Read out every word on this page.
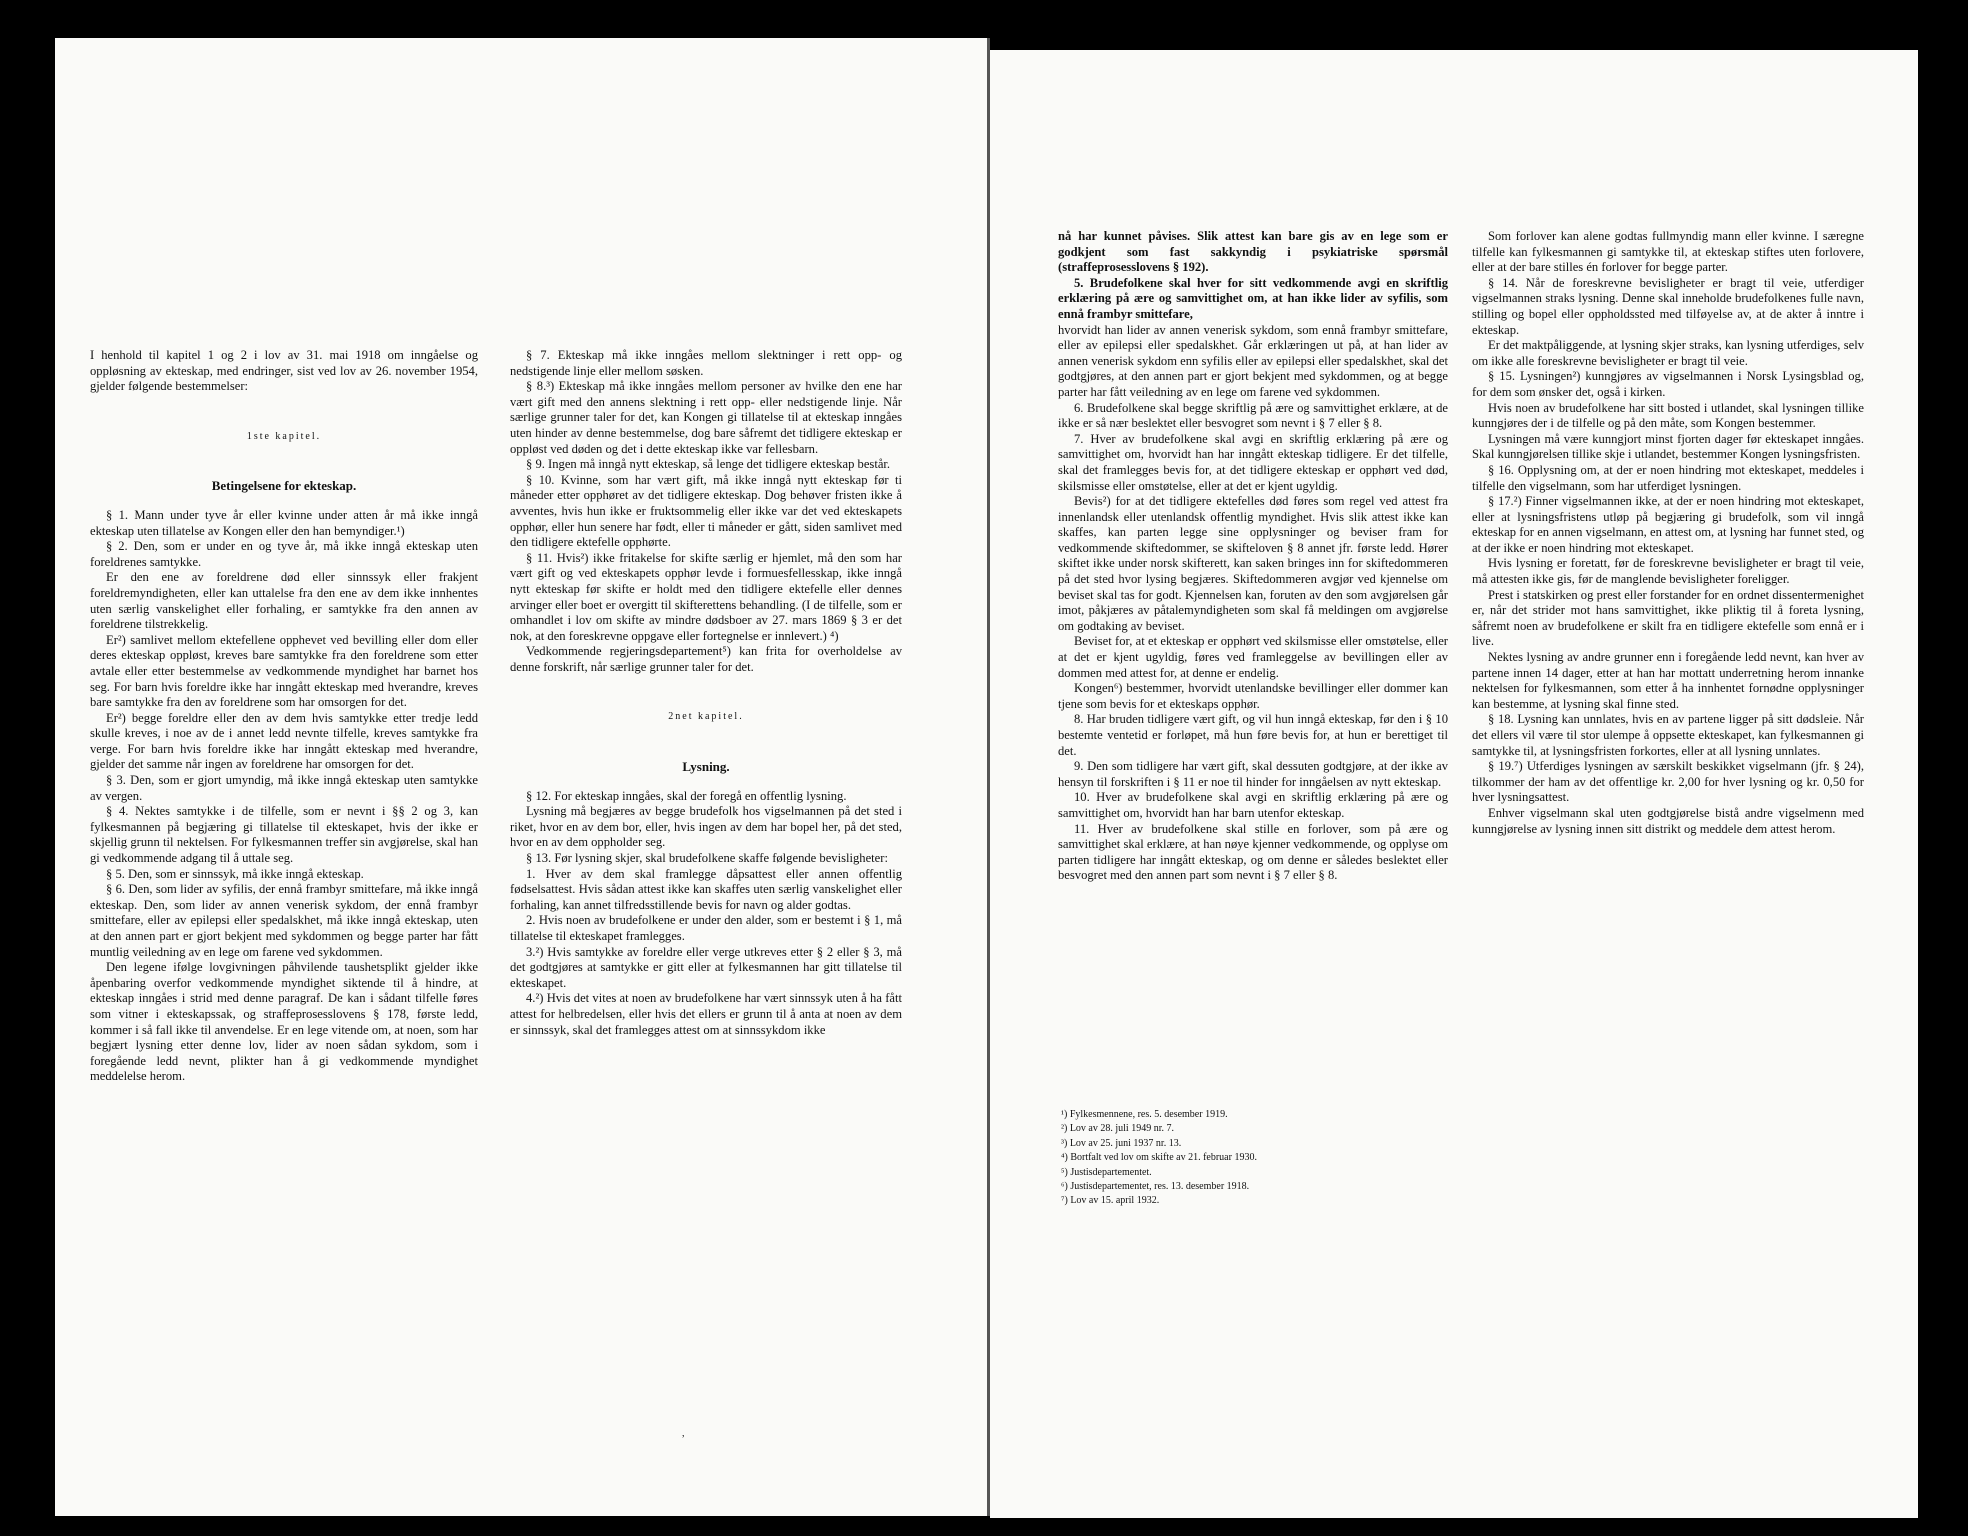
I henhold til kapitel 1 og 2 i lov av 31. mai 1918 om inngåelse og oppløsning av ekteskap, med endringer, sist ved lov av 26. november 1954, gjelder følgende bestemmelser:

1ste kapitel.

Betingelsene for ekteskap.

§ 1. Mann under tyve år eller kvinne under atten år må ikke inngå ekteskap uten tillatelse av Kongen eller den han bemyndiger.¹)

§ 2. Den, som er under en og tyve år, må ikke inngå ekteskap uten foreldrenes samtykke.

Er den ene av foreldrene død eller sinnssyk eller frakjent foreldremyndigheten, eller kan uttalelse fra den ene av dem ikke innhentes uten særlig vanskelighet eller forhaling, er samtykke fra den annen av foreldrene tilstrekkelig.

Er²) samlivet mellom ektefellene opphevet ved bevilling eller dom eller deres ekteskap oppløst, kreves bare samtykke fra den foreldrene som etter avtale eller etter bestemmelse av vedkommende myndighet har barnet hos seg. For barn hvis foreldre ikke har inngått ekteskap med hverandre, kreves bare samtykke fra den av foreldrene som har omsorgen for det.

Er²) begge foreldre eller den av dem hvis samtykke etter tredje ledd skulle kreves, i noe av de i annet ledd nevnte tilfelle, kreves samtykke fra verge. For barn hvis foreldre ikke har inngått ekteskap med hverandre, gjelder det samme når ingen av foreldrene har omsorgen for det.

§ 3. Den, som er gjort umyndig, må ikke inngå ekteskap uten samtykke av vergen.

§ 4. Nektes samtykke i de tilfelle, som er nevnt i §§ 2 og 3, kan fylkesmannen på begjæring gi tillatelse til ekteskapet, hvis der ikke er skjellig grunn til nektelsen. For fylkesmannen treffer sin avgjørelse, skal han gi vedkommende adgang til å uttale seg.

§ 5. Den, som er sinnssyk, må ikke inngå ekteskap.

§ 6. Den, som lider av syfilis, der ennå frambyr smittefare, må ikke inngå ekteskap. Den, som lider av annen venerisk sykdom, der ennå frambyr smittefare, eller av epilepsi eller spedalskhet, må ikke inngå ekteskap, uten at den annen part er gjort bekjent med sykdommen og begge parter har fått muntlig veiledning av en lege om farene ved sykdommen.

Den legene ifølge lovgivningen påhvilende taushetsplikt gjelder ikke åpenbaring overfor vedkommende myndighet siktende til å hindre, at ekteskap inngåes i strid med denne paragraf. De kan i sådant tilfelle føres som vitner i ekteskapssak, og straffeprosesslovens § 178, første ledd, kommer i så fall ikke til anvendelse. Er en lege vitende om, at noen, som har begjært lysning etter denne lov, lider av noen sådan sykdom, som i foregående ledd nevnt, plikter han å gi vedkommende myndighet meddelelse herom.

§ 7. Ekteskap må ikke inngåes mellom slektninger i rett opp- og nedstigende linje eller mellom søsken.

§ 8.³) Ekteskap må ikke inngåes mellom personer av hvilke den ene har vært gift med den annens slektning i rett opp- eller nedstigende linje. Når særlige grunner taler for det, kan Kongen gi tillatelse til at ekteskap inngåes uten hinder av denne bestemmelse, dog bare såfremt det tidligere ekteskap er oppløst ved døden og det i dette ekteskap ikke var fellesbarn.

§ 9. Ingen må inngå nytt ekteskap, så lenge det tidligere ekteskap består.

§ 10. Kvinne, som har vært gift, må ikke inngå nytt ekteskap før ti måneder etter opphøret av det tidligere ekteskap. Dog behøver fristen ikke å avventes, hvis hun ikke er fruktsommelig eller ikke var det ved ekteskapets opphør, eller hun senere har født, eller ti måneder er gått, siden samlivet med den tidligere ektefelle opphørte.

§ 11. Hvis²) ikke fritakelse for skifte særlig er hjemlet, må den som har vært gift og ved ekteskapets opphør levde i formuesfellesskap, ikke inngå nytt ekteskap før skifte er holdt med den tidligere ektefelle eller dennes arvinger eller boet er overgitt til skifterettens behandling. (I de tilfelle, som er omhandlet i lov om skifte av mindre dødsboer av 27. mars 1869 § 3 er det nok, at den foreskrevne oppgave eller fortegnelse er innlevert.) ⁴)

Vedkommende regjeringsdepartement⁵) kan frita for overholdelse av denne forskrift, når særlige grunner taler for det.

2net kapitel.

Lysning.

§ 12. For ekteskap inngåes, skal der foregå en offentlig lysning.

Lysning må begjæres av begge brudefolk hos vigselmannen på det sted i riket, hvor en av dem bor, eller, hvis ingen av dem har bopel her, på det sted, hvor en av dem oppholder seg.

§ 13. Før lysning skjer, skal brudefolkene skaffe følgende bevisligheter:

1. Hver av dem skal framlegge dåpsattest eller annen offentlig fødselsattest. Hvis sådan attest ikke kan skaffes uten særlig vanskelighet eller forhaling, kan annet tilfredsstillende bevis for navn og alder godtas.

2. Hvis noen av brudefolkene er under den alder, som er bestemt i § 1, må tillatelse til ekteskapet framlegges.

3.²) Hvis samtykke av foreldre eller verge utkreves etter § 2 eller § 3, må det godtgjøres at samtykke er gitt eller at fylkesmannen har gitt tillatelse til ekteskapet.

4.²) Hvis det vites at noen av brudefolkene har vært sinnssyk uten å ha fått attest for helbredelsen, eller hvis det ellers er grunn til å anta at noen av dem er sinnssyk, skal det framlegges attest om at sinnssykdom ikke

,

nå har kunnet påvises. Slik attest kan bare gis av en lege som er godkjent som fast sakkyndig i psykiatriske spørsmål (straffeprosesslovens § 192).

5. Brudefolkene skal hver for sitt vedkommende avgi en skriftlig erklæring på ære og samvittighet om, at han ikke lider av syfilis, som ennå frambyr smittefare,

hvorvidt han lider av annen venerisk sykdom, som ennå frambyr smittefare, eller av epilepsi eller spedalskhet. Går erklæringen ut på, at han lider av annen venerisk sykdom enn syfilis eller av epilepsi eller spedalskhet, skal det godtgjøres, at den annen part er gjort bekjent med sykdommen, og at begge parter har fått veiledning av en lege om farene ved sykdommen.

6. Brudefolkene skal begge skriftlig på ære og samvittighet erklære, at de ikke er så nær beslektet eller besvogret som nevnt i § 7 eller § 8.

7. Hver av brudefolkene skal avgi en skriftlig erklæring på ære og samvittighet om, hvorvidt han har inngått ekteskap tidligere. Er det tilfelle, skal det framlegges bevis for, at det tidligere ekteskap er opphørt ved død, skilsmisse eller omstøtelse, eller at det er kjent ugyldig.

Bevis²) for at det tidligere ektefelles død føres som regel ved attest fra innenlandsk eller utenlandsk offentlig myndighet. Hvis slik attest ikke kan skaffes, kan parten legge sine opplysninger og beviser fram for vedkommende skiftedommer, se skifteloven § 8 annet jfr. første ledd. Hører skiftet ikke under norsk skifterett, kan saken bringes inn for skiftedommeren på det sted hvor lysing begjæres. Skiftedommeren avgjør ved kjennelse om beviset skal tas for godt. Kjennelsen kan, foruten av den som avgjørelsen går imot, påkjæres av påtalemyndigheten som skal få meldingen om avgjørelse om godtaking av beviset.

Beviset for, at et ekteskap er opphørt ved skilsmisse eller omstøtelse, eller at det er kjent ugyldig, føres ved framleggelse av bevillingen eller av dommen med attest for, at denne er endelig.

Kongen⁶) bestemmer, hvorvidt utenlandske bevillinger eller dommer kan tjene som bevis for et ekteskaps opphør.

8. Har bruden tidligere vært gift, og vil hun inngå ekteskap, før den i § 10 bestemte ventetid er forløpet, må hun føre bevis for, at hun er berettiget til det.

9. Den som tidligere har vært gift, skal dessuten godtgjøre, at der ikke av hensyn til forskriften i § 11 er noe til hinder for inngåelsen av nytt ekteskap.

10. Hver av brudefolkene skal avgi en skriftlig erklæring på ære og samvittighet om, hvorvidt han har barn utenfor ekteskap.

11. Hver av brudefolkene skal stille en forlover, som på ære og samvittighet skal erklære, at han nøye kjenner vedkommende, og opplyse om parten tidligere har inngått ekteskap, og om denne er således beslektet eller besvogret med den annen part som nevnt i § 7 eller § 8.

¹) Fylkesmennene, res. 5. desember 1919.
²) Lov av 28. juli 1949 nr. 7.
³) Lov av 25. juni 1937 nr. 13.
⁴) Bortfalt ved lov om skifte av 21. februar 1930.
⁵) Justisdepartementet.
⁶) Justisdepartementet, res. 13. desember 1918.
⁷) Lov av 15. april 1932.

Som forlover kan alene godtas fullmyndig mann eller kvinne. I særegne tilfelle kan fylkesmannen gi samtykke til, at ekteskap stiftes uten forlovere, eller at der bare stilles én forlover for begge parter.

§ 14. Når de foreskrevne bevisligheter er bragt til veie, utferdiger vigselmannen straks lysning. Denne skal inneholde brudefolkenes fulle navn, stilling og bopel eller oppholdssted med tilføyelse av, at de akter å inntre i ekteskap.

Er det maktpåliggende, at lysning skjer straks, kan lysning utferdiges, selv om ikke alle foreskrevne bevisligheter er bragt til veie.

§ 15. Lysningen²) kunngjøres av vigselmannen i Norsk Lysingsblad og, for dem som ønsker det, også i kirken.

Hvis noen av brudefolkene har sitt bosted i utlandet, skal lysningen tillike kunngjøres der i de tilfelle og på den måte, som Kongen bestemmer.

Lysningen må være kunngjort minst fjorten dager før ekteskapet inngåes. Skal kunngjørelsen tillike skje i utlandet, bestemmer Kongen lysningsfristen.

§ 16. Opplysning om, at der er noen hindring mot ekteskapet, meddeles i tilfelle den vigselmann, som har utferdiget lysningen.

§ 17.²) Finner vigselmannen ikke, at der er noen hindring mot ekteskapet, eller at lysningsfristens utløp på begjæring gi brudefolk, som vil inngå ekteskap for en annen vigselmann, en attest om, at lysning har funnet sted, og at der ikke er noen hindring mot ekteskapet.

Hvis lysning er foretatt, før de foreskrevne bevisligheter er bragt til veie, må attesten ikke gis, før de manglende bevisligheter foreligger.

Prest i statskirken og prest eller forstander for en ordnet dissentermenighet er, når det strider mot hans samvittighet, ikke pliktig til å foreta lysning, såfremt noen av brudefolkene er skilt fra en tidligere ektefelle som ennå er i live.

Nektes lysning av andre grunner enn i foregående ledd nevnt, kan hver av partene innen 14 dager, etter at han har mottatt underretning herom innanke nektelsen for fylkesmannen, som etter å ha innhentet fornødne opplysninger kan bestemme, at lysning skal finne sted.

§ 18. Lysning kan unnlates, hvis en av partene ligger på sitt dødsleie. Når det ellers vil være til stor ulempe å oppsette ekteskapet, kan fylkesmannen gi samtykke til, at lysningsfristen forkortes, eller at all lysning unnlates.

§ 19.⁷) Utferdiges lysningen av særskilt beskikket vigselmann (jfr. § 24), tilkommer der ham av det offentlige kr. 2,00 for hver lysning og kr. 0,50 for hver lysningsattest.

Enhver vigselmann skal uten godtgjørelse bistå andre vigselmenn med kunngjørelse av lysning innen sitt distrikt og meddele dem attest herom.
